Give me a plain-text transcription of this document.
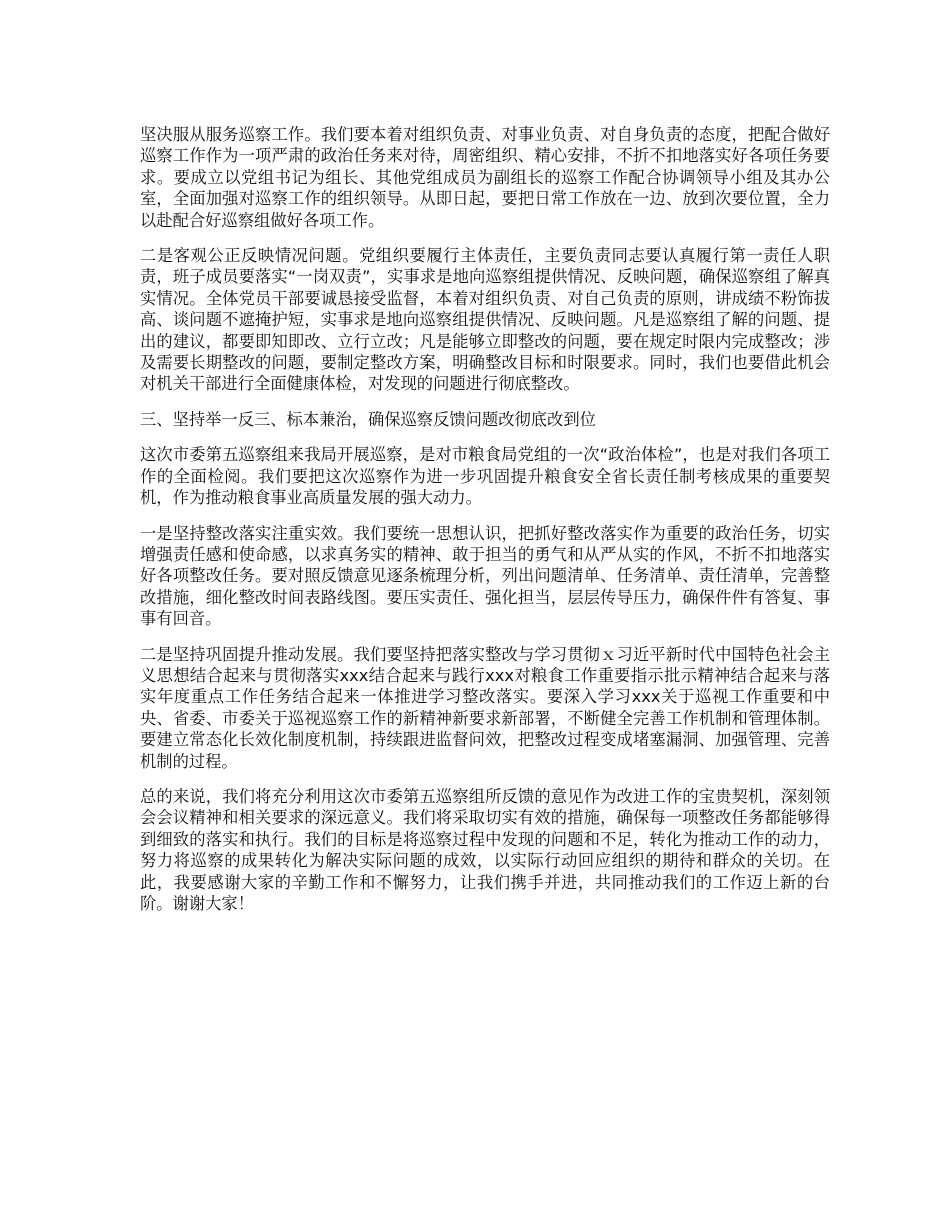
坚决服从服务巡察工作。我们要本着对组织负责、对事业负责、对自身负责的态度，把配合做好巡察工作作为一项严肃的政治任务来对待，周密组织、精心安排，不折不扣地落实好各项任务要求。要成立以党组书记为组长、其他党组成员为副组长的巡察工作配合协调领导小组及其办公室，全面加强对巡察工作的组织领导。从即日起，要把日常工作放在一边、放到次要位置，全力以赴配合好巡察组做好各项工作。

二是客观公正反映情况问题。党组织要履行主体责任，主要负责同志要认真履行第一责任人职责，班子成员要落实“一岗双责”，实事求是地向巡察组提供情况、反映问题，确保巡察组了解真实情况。全体党员干部要诚恳接受监督，本着对组织负责、对自己负责的原则，讲成绩不粉饰拔高、谈问题不遮掩护短，实事求是地向巡察组提供情况、反映问题。凡是巡察组了解的问题、提出的建议，都要即知即改、立行立改；凡是能够立即整改的问题，要在规定时限内完成整改；涉及需要长期整改的问题，要制定整改方案，明确整改目标和时限要求。同时，我们也要借此机会对机关干部进行全面健康体检，对发现的问题进行彻底整改。

三、坚持举一反三、标本兼治，确保巡察反馈问题改彻底改到位

这次市委第五巡察组来我局开展巡察，是对市粮食局党组的一次“政治体检”，也是对我们各项工作的全面检阅。我们要把这次巡察作为进一步巩固提升粮食安全省长责任制考核成果的重要契机，作为推动粮食事业高质量发展的强大动力。

一是坚持整改落实注重实效。我们要统一思想认识，把抓好整改落实作为重要的政治任务，切实增强责任感和使命感，以求真务实的精神、敢于担当的勇气和从严从实的作风，不折不扣地落实好各项整改任务。要对照反馈意见逐条梳理分析，列出问题清单、任务清单、责任清单，完善整改措施，细化整改时间表路线图。要压实责任、强化担当，层层传导压力，确保件件有答复、事事有回音。

二是坚持巩固提升推动发展。我们要坚持把落实整改与学习贯彻ｘ习近平新时代中国特色社会主义思想结合起来与贯彻落实xxx结合起来与践行xxx对粮食工作重要指示批示精神结合起来与落实年度重点工作任务结合起来一体推进学习整改落实。要深入学习xxx关于巡视工作重要和中央、省委、市委关于巡视巡察工作的新精神新要求新部署，不断健全完善工作机制和管理体制。要建立常态化长效化制度机制，持续跟进监督问效，把整改过程变成堵塞漏洞、加强管理、完善机制的过程。

总的来说，我们将充分利用这次市委第五巡察组所反馈的意见作为改进工作的宝贵契机，深刻领会会议精神和相关要求的深远意义。我们将采取切实有效的措施，确保每一项整改任务都能够得到细致的落实和执行。我们的目标是将巡察过程中发现的问题和不足，转化为推动工作的动力，努力将巡察的成果转化为解决实际问题的成效，以实际行动回应组织的期待和群众的关切。在此，我要感谢大家的辛勤工作和不懈努力，让我们携手并进，共同推动我们的工作迈上新的台阶。谢谢大家！
